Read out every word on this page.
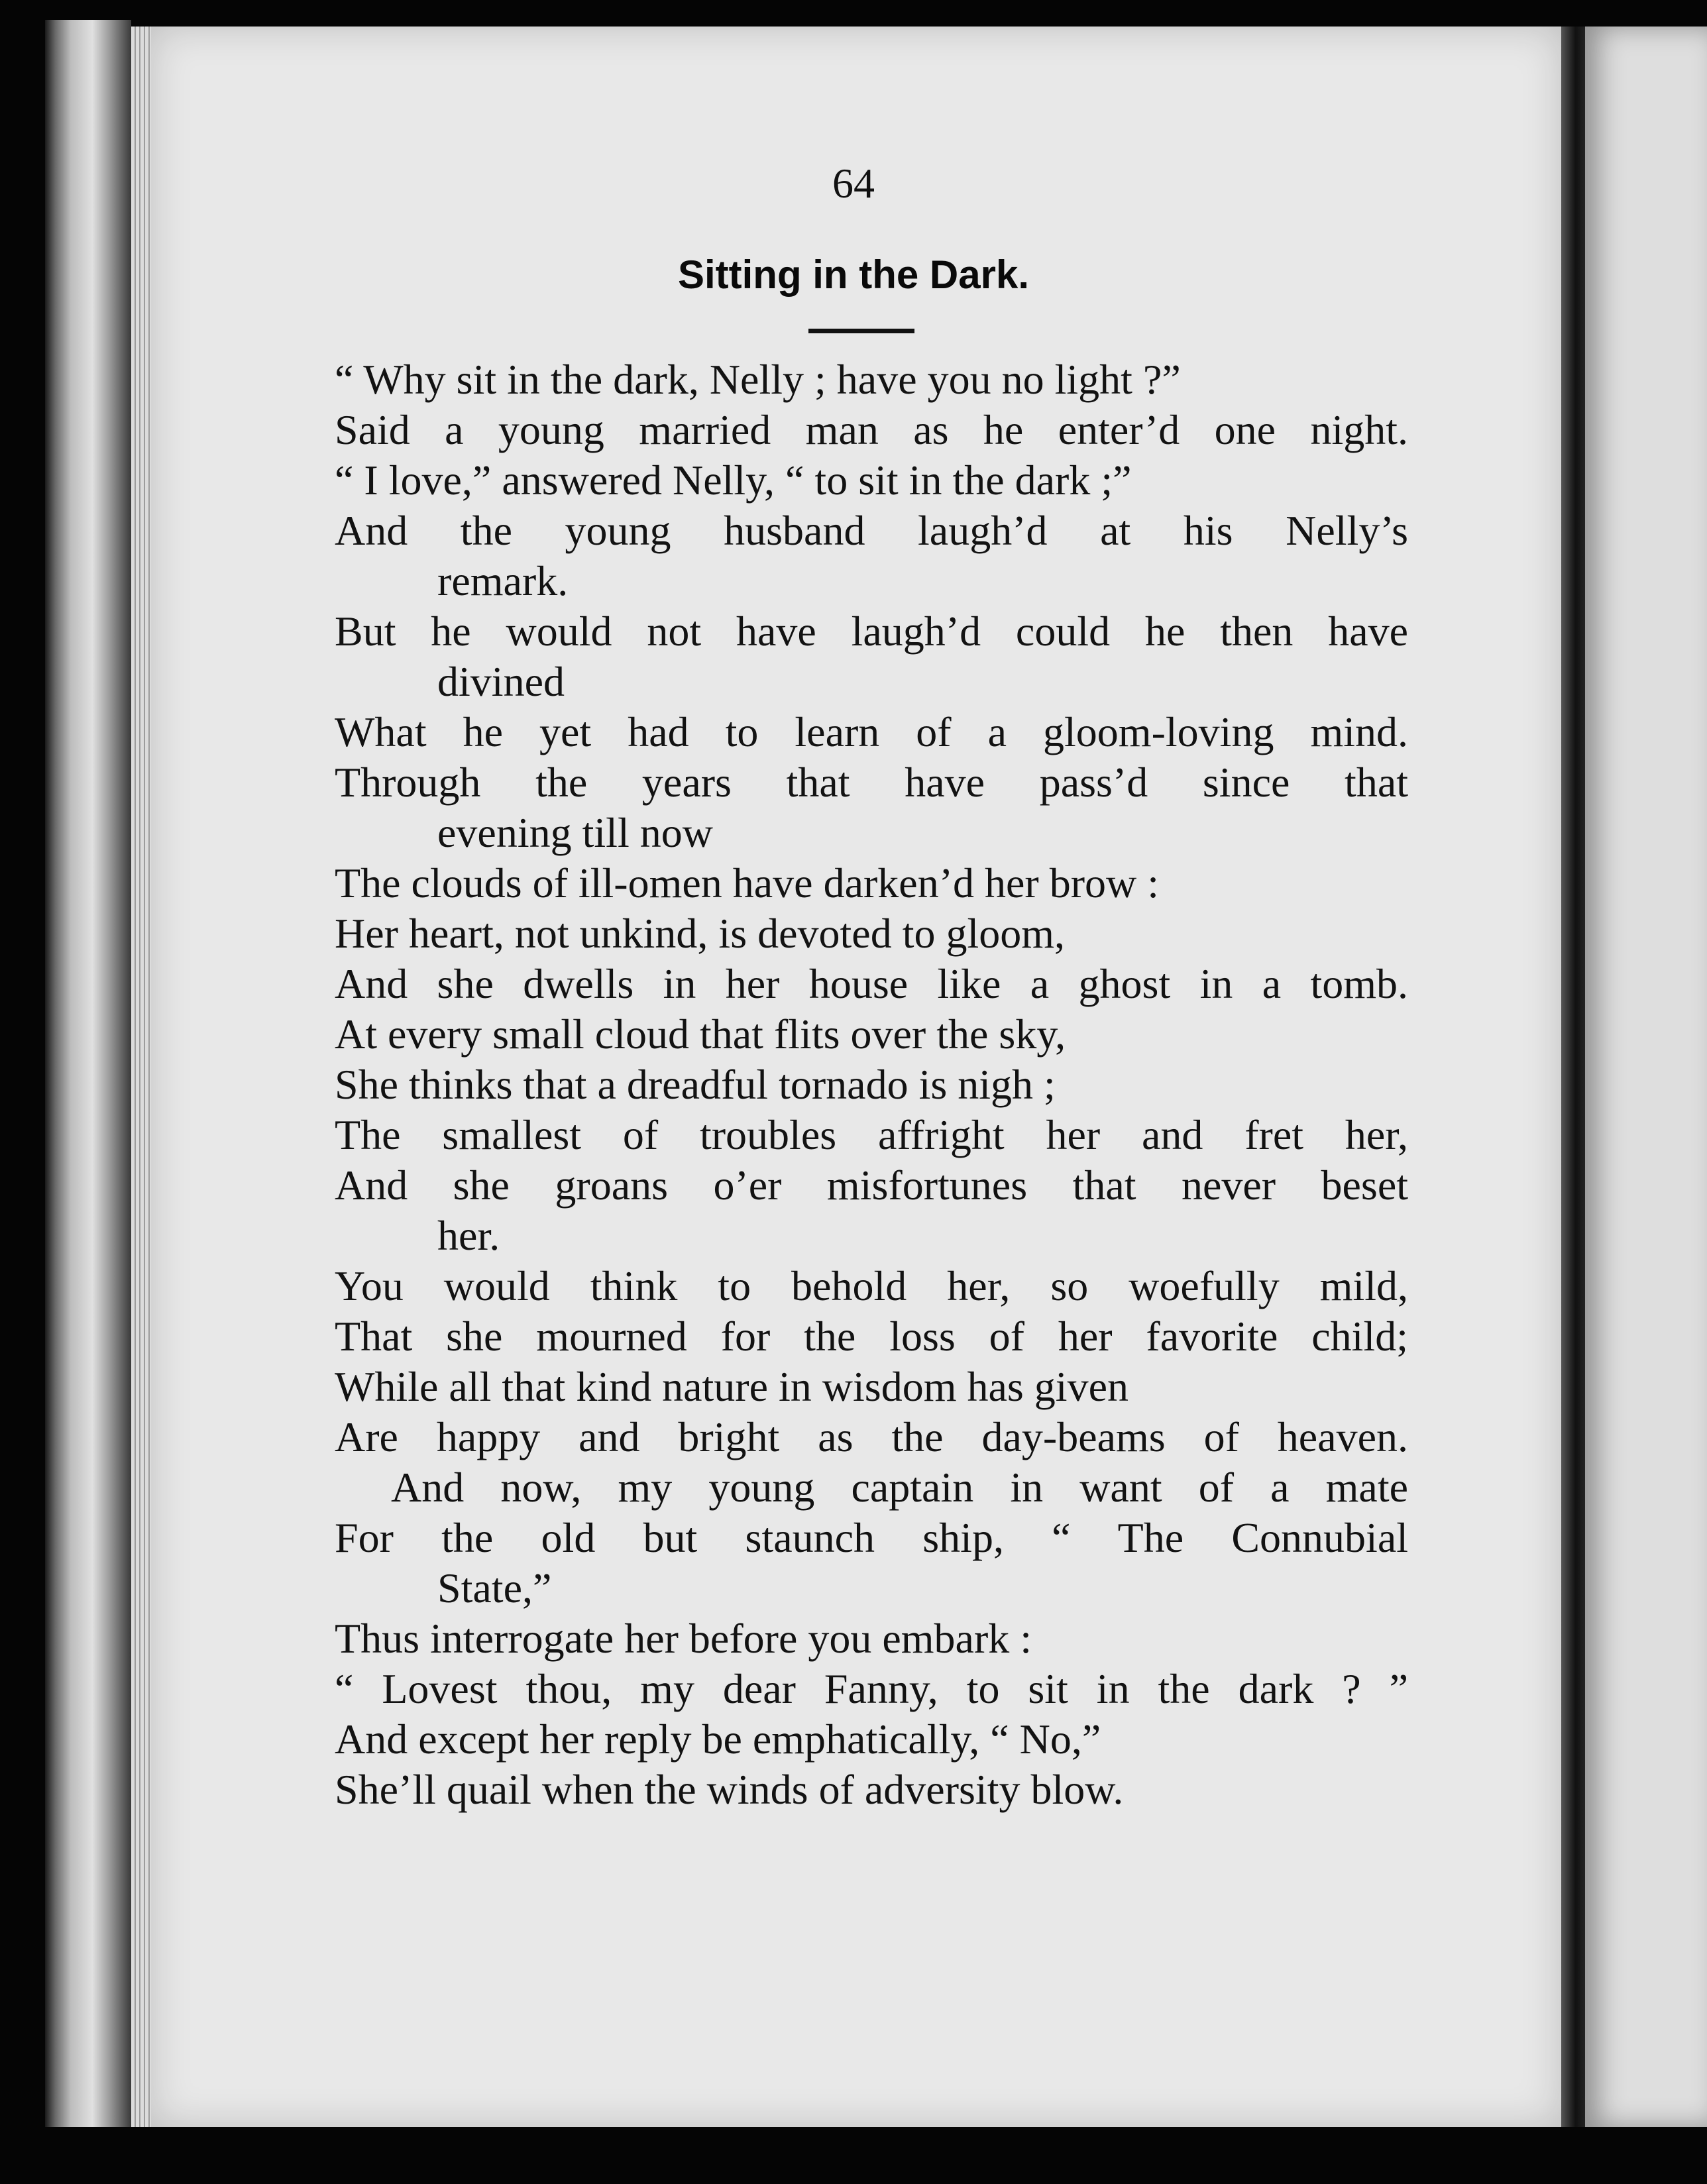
64
Sitting in the Dark.
“ Why sit in the dark, Nelly ; have you no light ?”
Said a young married man as he enter’d one night.
“ I love,” answered Nelly, “ to sit in the dark ;”
And the young husband laugh’d at his Nelly’s
remark.
But he would not have laugh’d could he then have
divined
What he yet had to learn of a gloom-loving mind.
Through the years that have pass’d since that
evening till now
The clouds of ill-omen have darken’d her brow :
Her heart, not unkind, is devoted to gloom,
And she dwells in her house like a ghost in a tomb.
At every small cloud that flits over the sky,
She thinks that a dreadful tornado is nigh ;
The smallest of troubles affright her and fret her,
And she groans o’er misfortunes that never beset
her.
You would think to behold her, so woefully mild,
That she mourned for the loss of her favorite child;
While all that kind nature in wisdom has given
Are happy and bright as the day-beams of heaven.
And now, my young captain in want of a mate
For the old but staunch ship, “ The Connubial
State,”
Thus interrogate her before you embark :
“ Lovest thou, my dear Fanny, to sit in the dark ? ”
And except her reply be emphatically, “ No,”
She’ll quail when the winds of adversity blow.
